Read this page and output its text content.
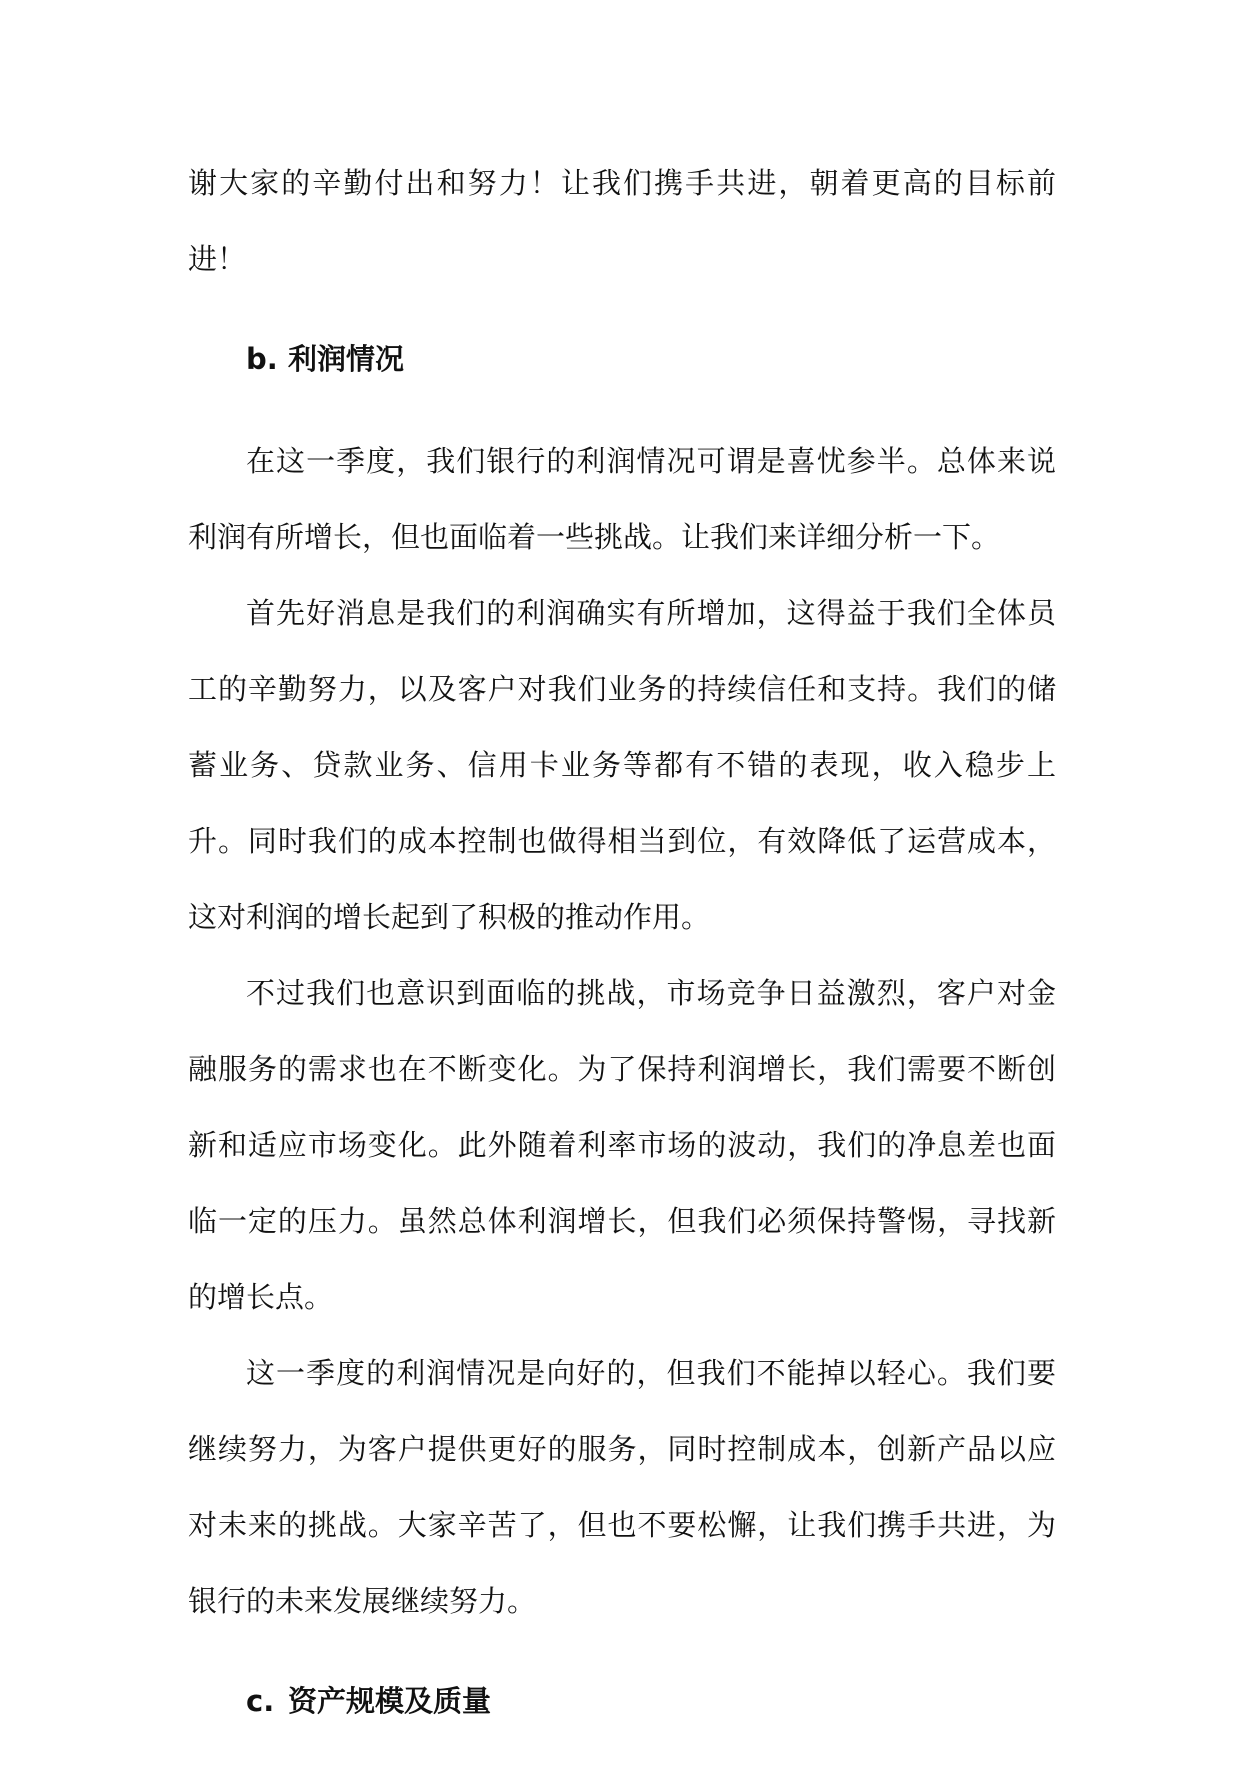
谢大家的辛勤付出和努力！让我们携手共进，朝着更高的目标前进！

b. 利润情况

在这一季度，我们银行的利润情况可谓是喜忧参半。总体来说利润有所增长，但也面临着一些挑战。让我们来详细分析一下。

首先好消息是我们的利润确实有所增加，这得益于我们全体员工的辛勤努力，以及客户对我们业务的持续信任和支持。我们的储蓄业务、贷款业务、信用卡业务等都有不错的表现，收入稳步上升。同时我们的成本控制也做得相当到位，有效降低了运营成本，这对利润的增长起到了积极的推动作用。

不过我们也意识到面临的挑战，市场竞争日益激烈，客户对金融服务的需求也在不断变化。为了保持利润增长，我们需要不断创新和适应市场变化。此外随着利率市场的波动，我们的净息差也面临一定的压力。虽然总体利润增长，但我们必须保持警惕，寻找新的增长点。

这一季度的利润情况是向好的，但我们不能掉以轻心。我们要继续努力，为客户提供更好的服务，同时控制成本，创新产品以应对未来的挑战。大家辛苦了，但也不要松懈，让我们携手共进，为银行的未来发展继续努力。

c. 资产规模及质量
